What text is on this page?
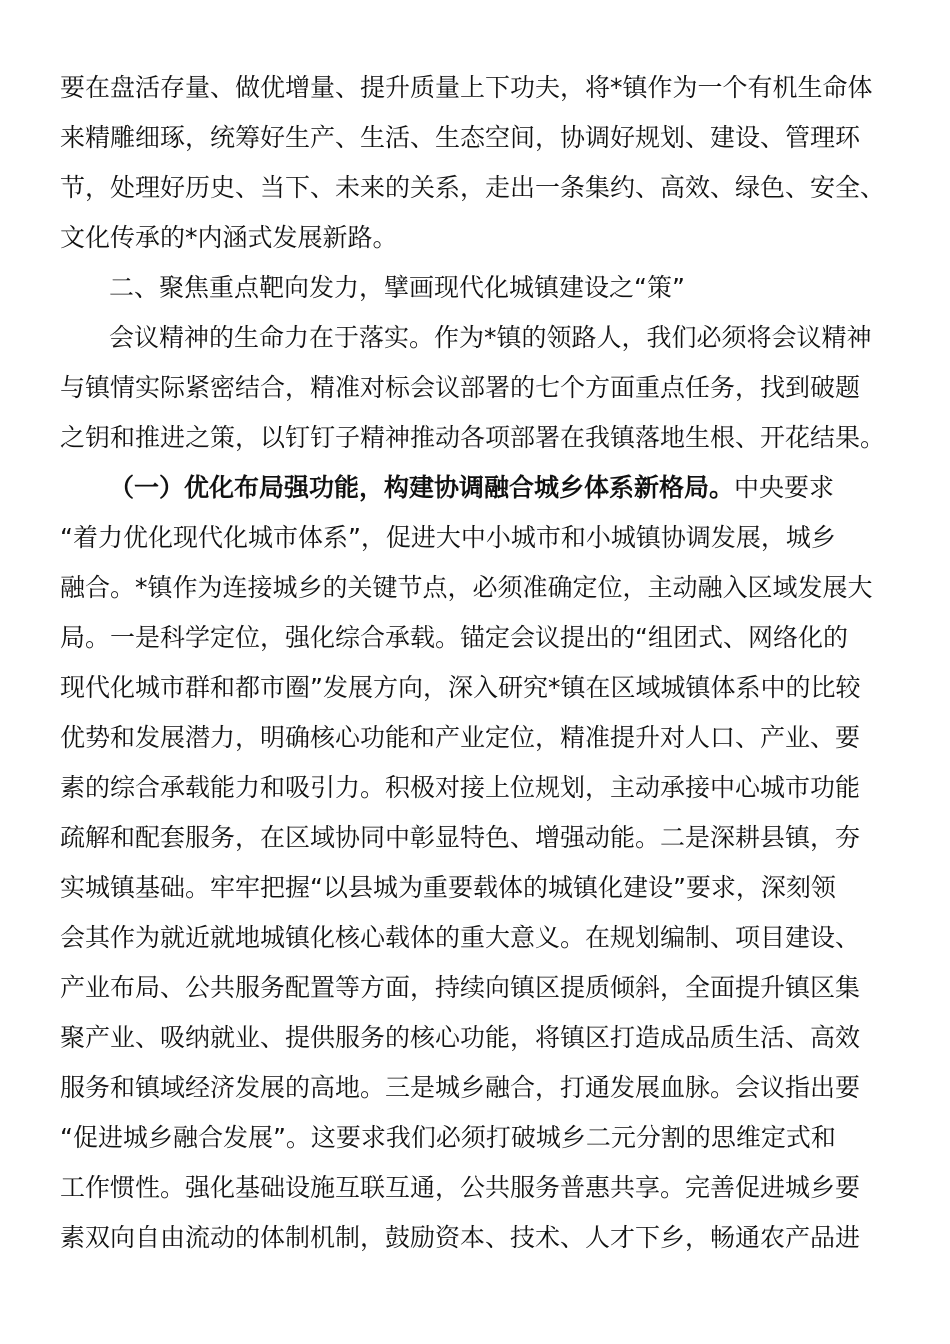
要在盘活存量、做优增量、提升质量上下功夫，将*镇作为一个有机生命体
来精雕细琢，统筹好生产、生活、生态空间，协调好规划、建设、管理环
节，处理好历史、当下、未来的关系，走出一条集约、高效、绿色、安全、
文化传承的*内涵式发展新路。
二、聚焦重点靶向发力，擘画现代化城镇建设之“策”
会议精神的生命力在于落实。作为*镇的领路人，我们必须将会议精神
与镇情实际紧密结合，精准对标会议部署的七个方面重点任务，找到破题
之钥和推进之策，以钉钉子精神推动各项部署在我镇落地生根、开花结果。
（一）优化布局强功能，构建协调融合城乡体系新格局。中央要求
“着力优化现代化城市体系”，促进大中小城市和小城镇协调发展，城乡
融合。*镇作为连接城乡的关键节点，必须准确定位，主动融入区域发展大
局。一是科学定位，强化综合承载。锚定会议提出的“组团式、网络化的
现代化城市群和都市圈”发展方向，深入研究*镇在区域城镇体系中的比较
优势和发展潜力，明确核心功能和产业定位，精准提升对人口、产业、要
素的综合承载能力和吸引力。积极对接上位规划，主动承接中心城市功能
疏解和配套服务，在区域协同中彰显特色、增强动能。二是深耕县镇，夯
实城镇基础。牢牢把握“以县城为重要载体的城镇化建设”要求，深刻领
会其作为就近就地城镇化核心载体的重大意义。在规划编制、项目建设、
产业布局、公共服务配置等方面，持续向镇区提质倾斜，全面提升镇区集
聚产业、吸纳就业、提供服务的核心功能，将镇区打造成品质生活、高效
服务和镇域经济发展的高地。三是城乡融合，打通发展血脉。会议指出要
“促进城乡融合发展”。这要求我们必须打破城乡二元分割的思维定式和
工作惯性。强化基础设施互联互通，公共服务普惠共享。完善促进城乡要
素双向自由流动的体制机制，鼓励资本、技术、人才下乡，畅通农产品进
